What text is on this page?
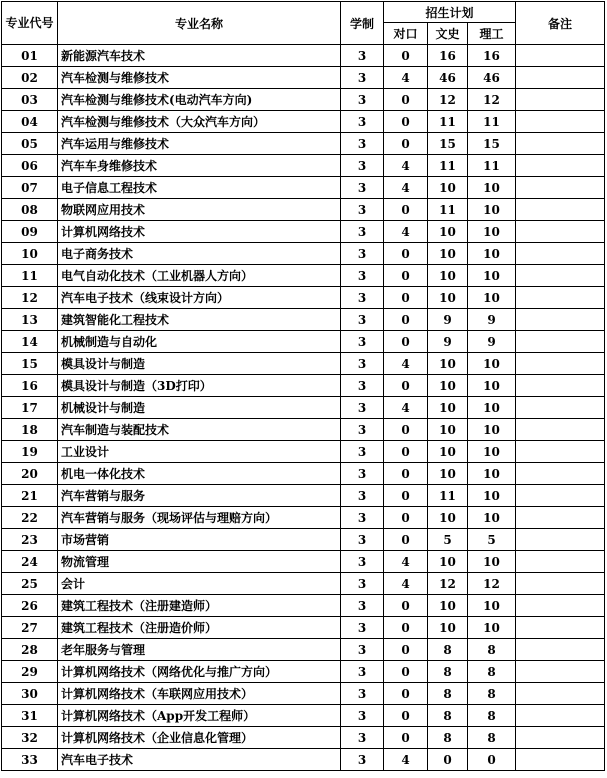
专业代号	专业名称	学制	招生计划			备注
			对口	文史	理工	
01	新能源汽车技术	3	0	16	16	
02	汽车检测与维修技术	3	4	46	46	
03	汽车检测与维修技术(电动汽车方向)	3	0	12	12	
04	汽车检测与维修技术（大众汽车方向）	3	0	11	11	
05	汽车运用与维修技术	3	0	15	15	
06	汽车车身维修技术	3	4	11	11	
07	电子信息工程技术	3	4	10	10	
08	物联网应用技术	3	0	11	10	
09	计算机网络技术	3	4	10	10	
10	电子商务技术	3	0	10	10	
11	电气自动化技术（工业机器人方向）	3	0	10	10	
12	汽车电子技术（线束设计方向）	3	0	10	10	
13	建筑智能化工程技术	3	0	9	9	
14	机械制造与自动化	3	0	9	9	
15	模具设计与制造	3	4	10	10	
16	模具设计与制造（3D打印）	3	0	10	10	
17	机械设计与制造	3	4	10	10	
18	汽车制造与装配技术	3	0	10	10	
19	工业设计	3	0	10	10	
20	机电一体化技术	3	0	10	10	
21	汽车营销与服务	3	0	11	10	
22	汽车营销与服务（现场评估与理赔方向）	3	0	10	10	
23	市场营销	3	0	5	5	
24	物流管理	3	4	10	10	
25	会计	3	4	12	12	
26	建筑工程技术（注册建造师）	3	0	10	10	
27	建筑工程技术（注册造价师）	3	0	10	10	
28	老年服务与管理	3	0	8	8	
29	计算机网络技术（网络优化与推广方向）	3	0	8	8	
30	计算机网络技术（车联网应用技术）	3	0	8	8	
31	计算机网络技术（App开发工程师）	3	0	8	8	
32	计算机网络技术（企业信息化管理）	3	0	8	8	
33	汽车电子技术	3	4	0	0	
